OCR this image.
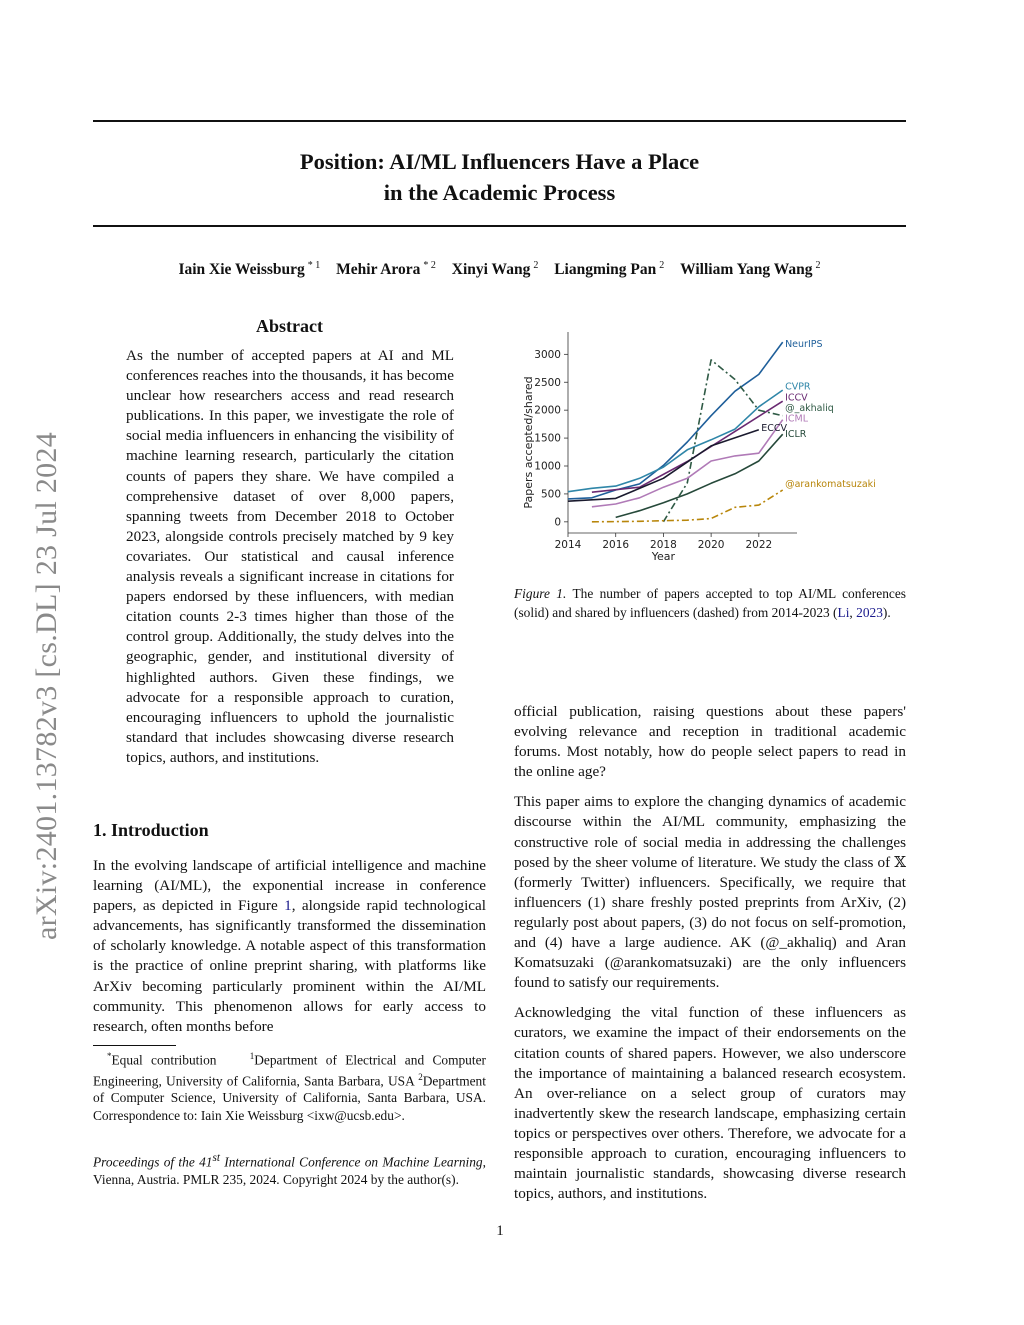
arXiv:2401.13782v3 [cs.DL] 23 Jul 2024
Position: AI/ML Influencers Have a Place
in the Academic Process
Iain Xie Weissburg $^{* 1}$ Mehir Arora $^{* 2}$ Xinyi Wang $^2$ Liangming Pan $^2$ William Yang Wang $^2$
Abstract
As the number of accepted papers at AI and ML conferences reaches into the thousands, it has become unclear how researchers access and read research publications. In this paper, we investigate the role of social media influencers in enhancing the visibility of machine learning research, particularly the citation counts of papers they share. We have compiled a comprehensive dataset of over 8,000 papers, spanning tweets from December 2018 to October 2023, alongside controls precisely matched by 9 key covariates. Our statistical and causal inference analysis reveals a significant increase in citations for papers endorsed by these influencers, with median citation counts 2-3 times higher than those of the control group. Additionally, the study delves into the geographic, gender, and institutional diversity of highlighted authors. Given these findings, we advocate for a responsible approach to curation, encouraging influencers to uphold the journalistic standard that includes showcasing diverse research topics, authors, and institutions.
1. Introduction
In the evolving landscape of artificial intelligence and machine learning (AI/ML), the exponential increase in conference papers, as depicted in Figure 1, alongside rapid technological advancements, has significantly transformed the dissemination of scholarly knowledge. A notable aspect of this transformation is the practice of online preprint sharing, with platforms like ArXiv becoming particularly prominent within the AI/ML community. This phenomenon allows for early access to research, often months before
*Equal contribution	$^1$Department of Electrical and Computer Engineering, University of California, Santa Barbara, USA $^2$Department of Computer Science, University of California, Santa Barbara, USA. Correspondence to: Iain Xie Weissburg <ixw@ucsb.edu>.
Proceedings of the 41st International Conference on Machine Learning, Vienna, Austria. PMLR 235, 2024. Copyright 2024 by the author(s).
0
500
1000
1500
2000
2500
3000
2014 2016 2018 2020 2022
Year
Papers accepted/shared
NeurIPS
CVPR
ICCV
@_akhaliq
ICML
ECCV
ICLR
@arankomatsuzaki
Figure 1. The number of papers accepted to top AI/ML conferences (solid) and shared by influencers (dashed) from 2014-2023 (Li, 2023).

official publication, raising questions about these papers' evolving relevance and reception in traditional academic forums. Most notably, how do people select papers to read in the online age?

This paper aims to explore the changing dynamics of academic discourse within the AI/ML community, emphasizing the constructive role of social media in addressing the challenges posed by the sheer volume of literature. We study the class of 𝕏 (formerly Twitter) influencers. Specifically, we require that influencers (1) share freshly posted preprints from ArXiv, (2) regularly post about papers, (3) do not focus on self-promotion, and (4) have a large audience. AK (@_akhaliq) and Aran Komatsuzaki (@arankomatsuzaki) are the only influencers found to satisfy our requirements.

Acknowledging the vital function of these influencers as curators, we examine the impact of their endorsements on the citation counts of shared papers. However, we also underscore the importance of maintaining a balanced research ecosystem. An over-reliance on a select group of curators may inadvertently skew the research landscape, emphasizing certain topics or perspectives over others. Therefore, we advocate for a responsible approach to curation, encouraging influencers to maintain journalistic standards, showcasing diverse research topics, authors, and institutions.

1
